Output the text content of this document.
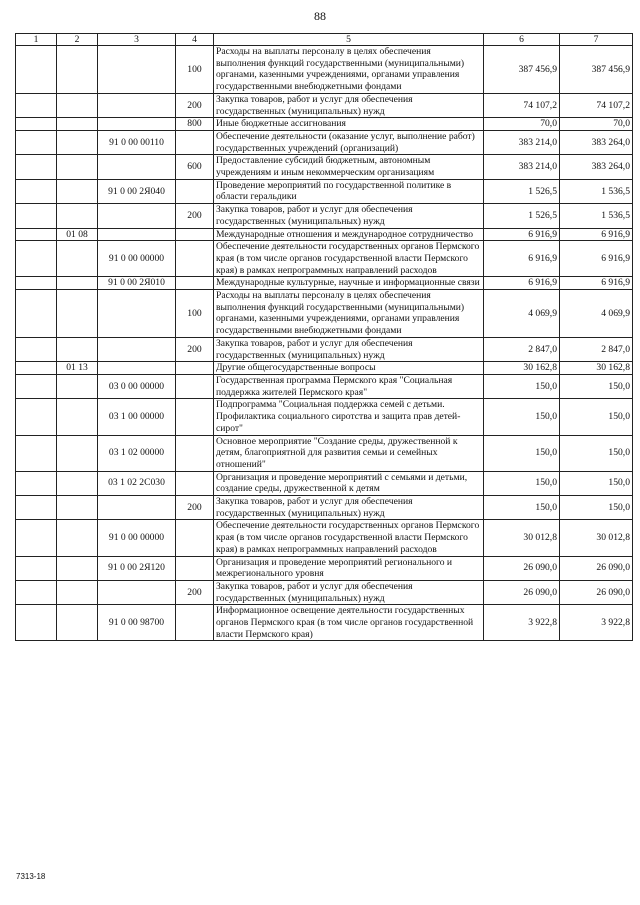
88
1	2	3	4	5	6	7
			100	Расходы на выплаты персоналу в целях обеспечения выполнения функций государственными (муниципальными) органами, казенными учреждениями, органами управления государственными внебюджетными фондами	387 456,9	387 456,9
			200	Закупка товаров, работ и услуг для обеспечения государственных (муниципальных) нужд	74 107,2	74 107,2
			800	Иные бюджетные ассигнования	70,0	70,0
		91 0 00 00110		Обеспечение деятельности (оказание услуг, выполнение работ) государственных учреждений (организаций)	383 214,0	383 264,0
			600	Предоставление субсидий бюджетным, автономным учреждениям и иным некоммерческим организациям	383 214,0	383 264,0
		91 0 00 2Я040		Проведение мероприятий по государственной политике в области геральдики	1 526,5	1 536,5
			200	Закупка товаров, работ и услуг для обеспечения государственных (муниципальных) нужд	1 526,5	1 536,5
	01 08			Международные отношения и международное сотрудничество	6 916,9	6 916,9
		91 0 00 00000		Обеспечение деятельности государственных органов Пермского края (в том числе органов государственной власти Пермского края) в рамках непрограммных направлений расходов	6 916,9	6 916,9
		91 0 00 2Я010		Международные культурные, научные и информационные связи	6 916,9	6 916,9
			100	Расходы на выплаты персоналу в целях обеспечения выполнения функций государственными (муниципальными) органами, казенными учреждениями, органами управления государственными внебюджетными фондами	4 069,9	4 069,9
			200	Закупка товаров, работ и услуг для обеспечения государственных (муниципальных) нужд	2 847,0	2 847,0
	01 13			Другие общегосударственные вопросы	30 162,8	30 162,8
		03 0 00 00000		Государственная программа Пермского края "Социальная поддержка жителей Пермского края"	150,0	150,0
		03 1 00 00000		Подпрограмма "Социальная поддержка семей с детьми. Профилактика социального сиротства и защита прав детей-сирот"	150,0	150,0
		03 1 02 00000		Основное мероприятие "Создание среды, дружественной к детям, благоприятной для развития семьи и семейных отношений"	150,0	150,0
		03 1 02 2C030		Организация и проведение мероприятий с семьями и детьми, создание среды, дружественной к детям	150,0	150,0
			200	Закупка товаров, работ и услуг для обеспечения государственных (муниципальных) нужд	150,0	150,0
		91 0 00 00000		Обеспечение деятельности государственных органов Пермского края (в том числе органов государственной власти Пермского края) в рамках непрограммных направлений расходов	30 012,8	30 012,8
		91 0 00 2Я120		Организация и проведение мероприятий регионального и межрегионального уровня	26 090,0	26 090,0
			200	Закупка товаров, работ и услуг для обеспечения государственных (муниципальных) нужд	26 090,0	26 090,0
		91 0 00 98700		Информационное освещение деятельности государственных органов Пермского края (в том числе органов государственной власти Пермского края)	3 922,8	3 922,8
7313-18
